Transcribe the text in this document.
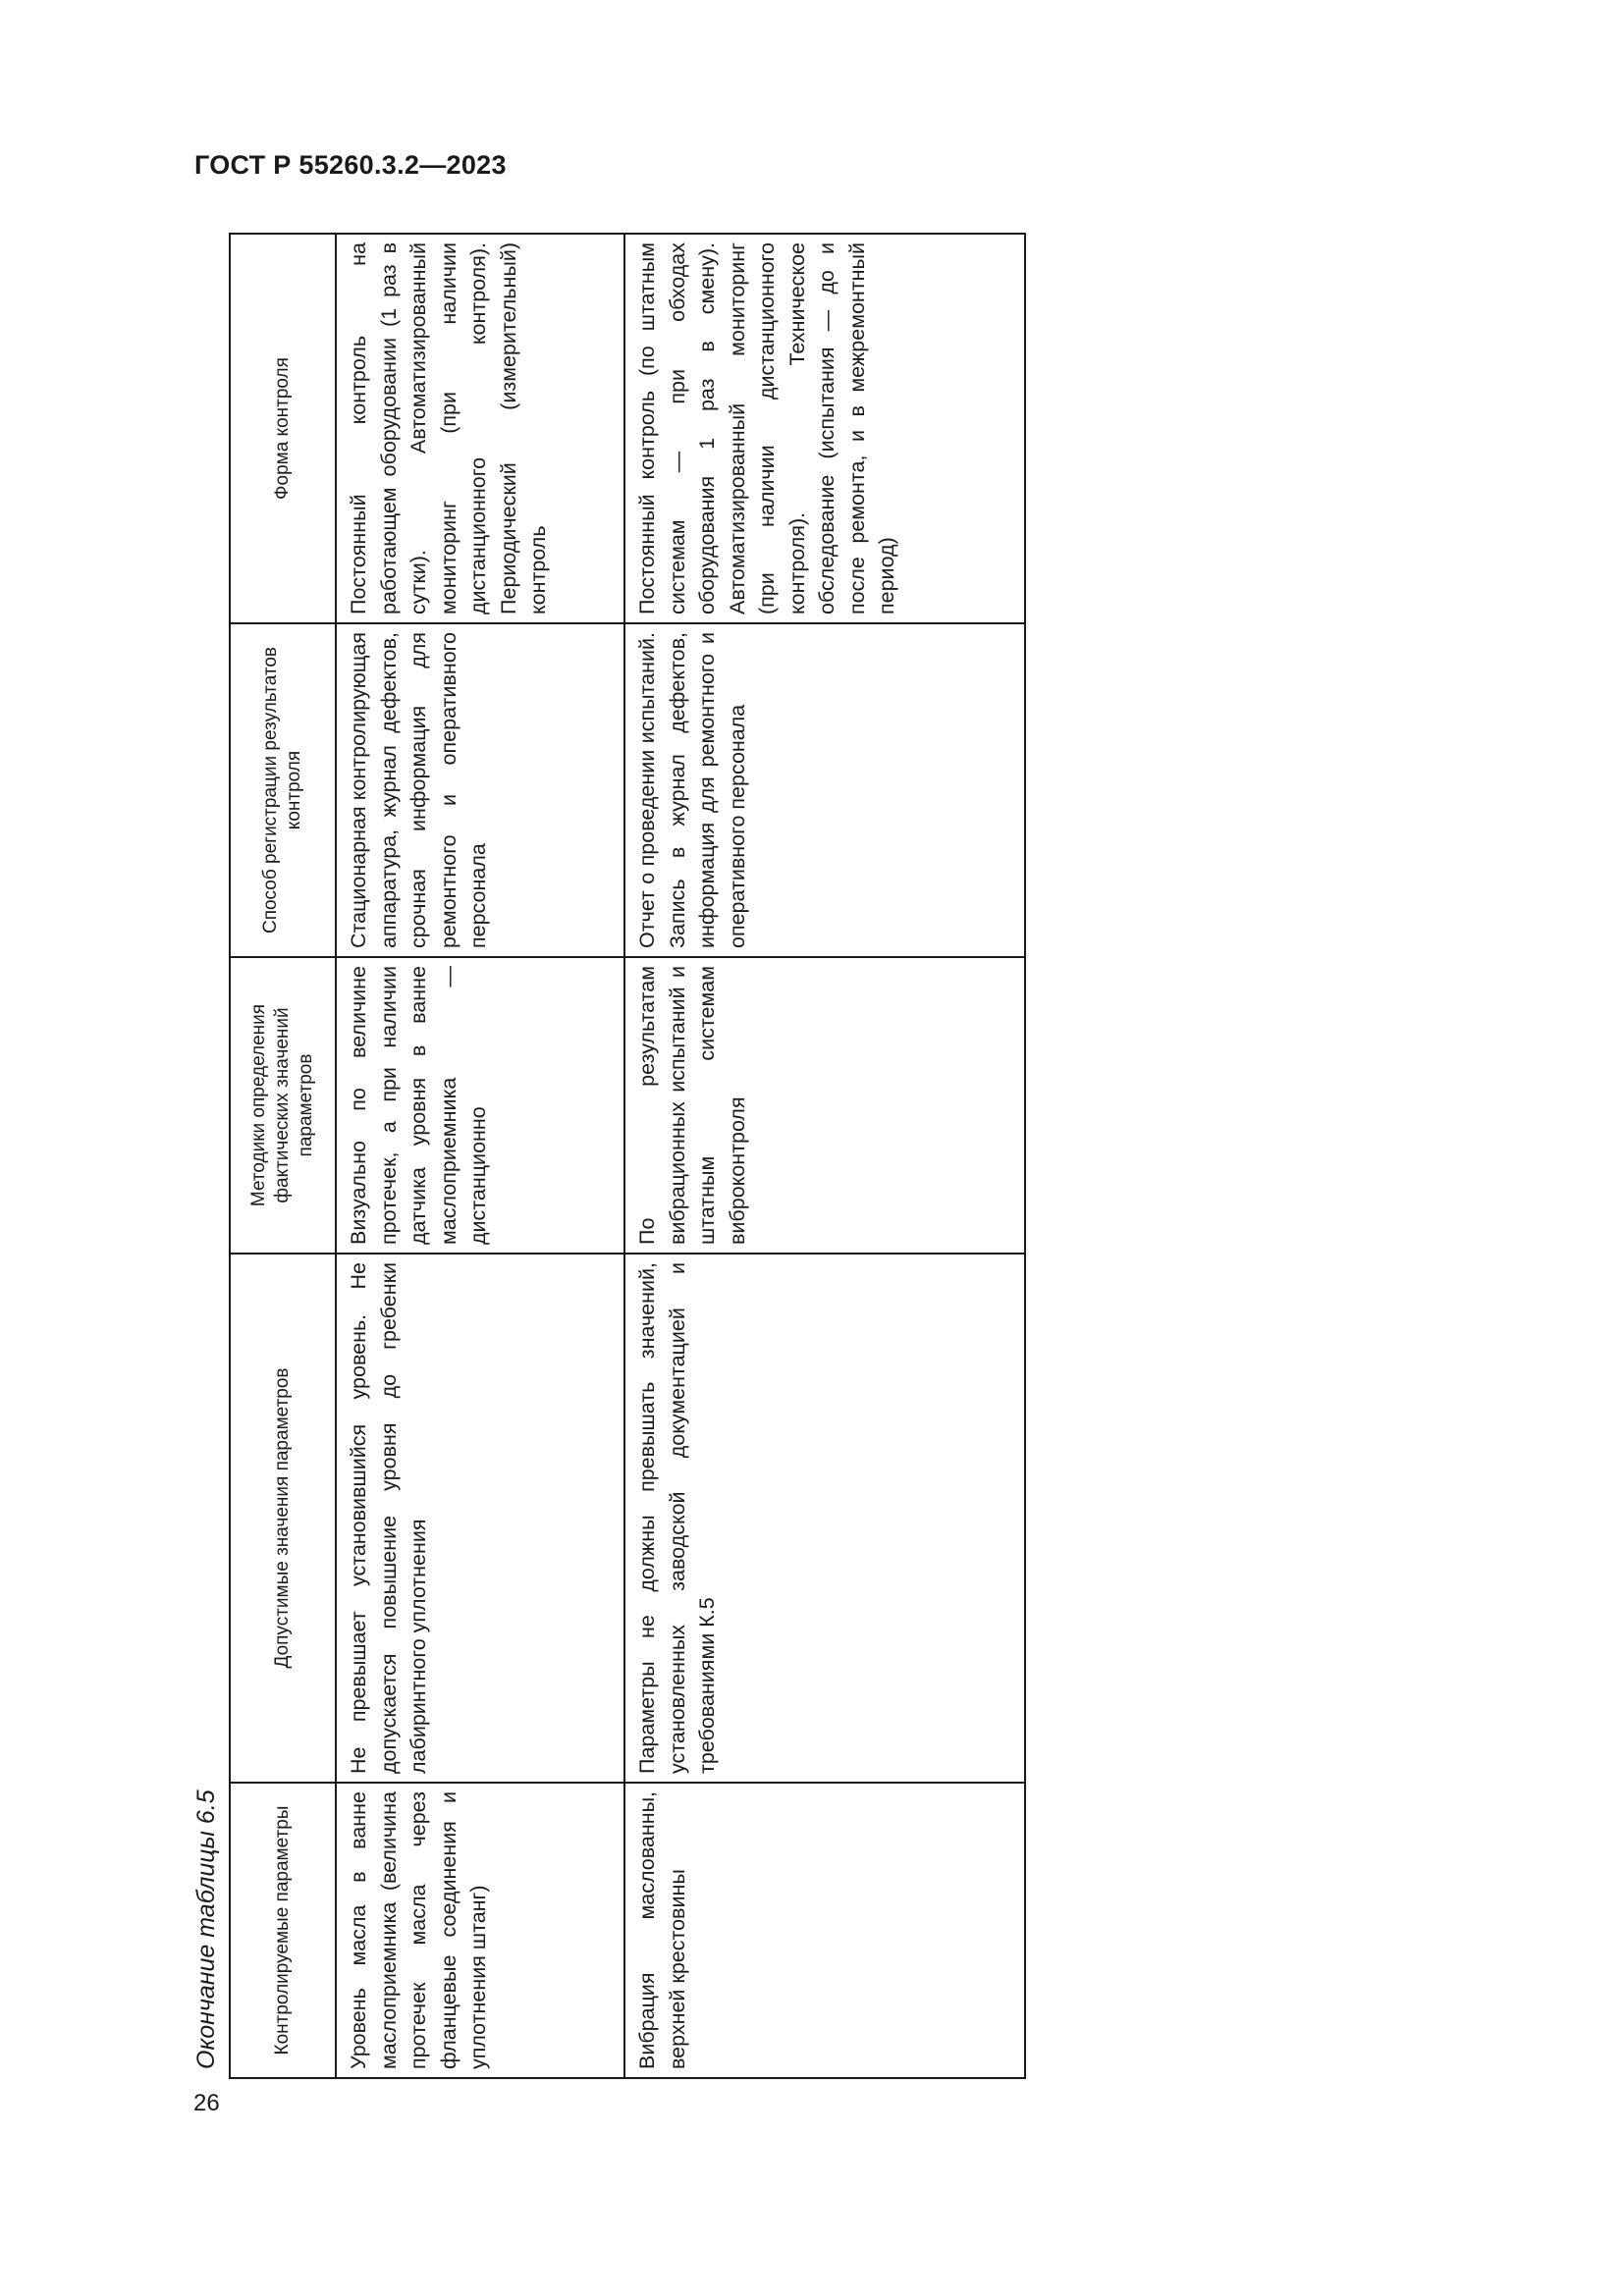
ГОСТ Р 55260.3.2—2023
Окончание таблицы 6.5
26
Контролируемые параметры	Допустимые значения параметров	Методики определения фактических значений параметров	Способ регистрации результатов контроля	Форма контроля
Уровень масла в ванне маслоприемника (величина протечек масла через фланцевые соединения и уплотнения штанг)	Не превышает установившийся уровень. Не допускается повышение уровня до гребенки лабиринтного уплотнения	Визуально по величине протечек, а при наличии датчика уровня в ванне маслоприемника — дистанционно	Стационарная контролирующая аппаратура, журнал дефектов, срочная информация для ремонтного и оперативного персонала	Постоянный контроль на работающем оборудовании (1 раз в сутки). Автоматизированный мониторинг (при наличии дистанционного контроля). Периодический (измерительный) контроль
Вибрация маслованны, верхней крестовины	Параметры не должны превышать значений, установленных заводской документацией и требованиями К.5	По результатам вибрационных испытаний и штатным системам виброконтроля	Отчет о проведении испытаний. Запись в журнал дефектов, информация для ремонтного и оперативного персонала	Постоянный контроль (по штатным системам — при обходах оборудования 1 раз в смену). Автоматизированный мониторинг (при наличии дистанционного контроля). Техническое обследование (испытания — до и после ремонта, и в межремонтный период)
